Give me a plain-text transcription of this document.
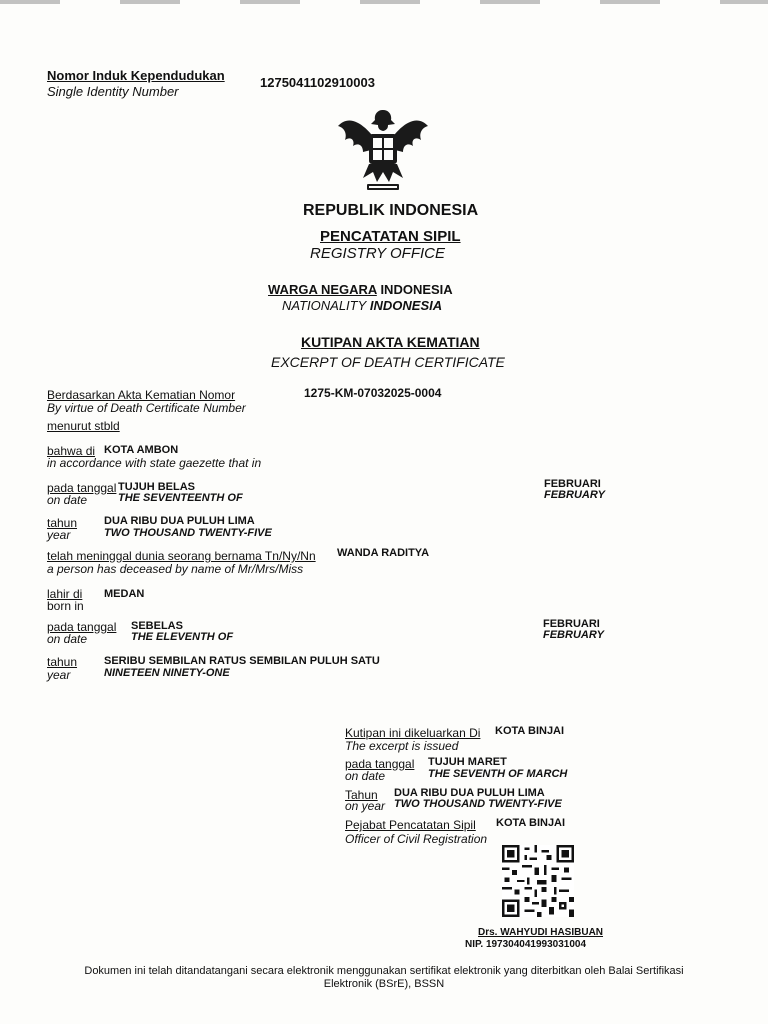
Nomor Induk Kependudukan
Single Identity Number
1275041102910003
REPUBLIK INDONESIA
PENCATATAN SIPIL
REGISTRY OFFICE
WARGA NEGARA INDONESIA
NATIONALITY INDONESIA
KUTIPAN AKTA KEMATIAN
EXCERPT OF DEATH CERTIFICATE
Berdasarkan Akta Kematian Nomor
By virtue of Death Certificate Number
1275-KM-07032025-0004
menurut stbld
bahwa di KOTA AMBON
in accordance with state gaezette that in
pada tanggal
on date
TUJUH BELAS
THE SEVENTEENTH OF
FEBRUARI
FEBRUARY
tahun
year
DUA RIBU DUA PULUH LIMA
TWO THOUSAND TWENTY-FIVE
telah meninggal dunia seorang bernama Tn/Ny/Nn WANDA RADITYA
a person has deceased by name of Mr/Mrs/Miss
lahir di
born in
MEDAN
pada tanggal
on date
SEBELAS
THE ELEVENTH OF
FEBRUARI
FEBRUARY
tahun
year
SERIBU SEMBILAN RATUS SEMBILAN PULUH SATU
NINETEEN NINETY-ONE
Kutipan ini dikeluarkan Di KOTA BINJAI
The excerpt is issued
pada tanggal
on date
TUJUH MARET
THE SEVENTH OF MARCH
Tahun
on year
DUA RIBU DUA PULUH LIMA
TWO THOUSAND TWENTY-FIVE
Pejabat Pencatatan Sipil KOTA BINJAI
Officer of Civil Registration
Drs. WAHYUDI HASIBUAN
NIP. 197304041993031004
Dokumen ini telah ditandatangani secara elektronik menggunakan sertifikat elektronik yang diterbitkan oleh Balai Sertifikasi
Elektronik (BSrE), BSSN
